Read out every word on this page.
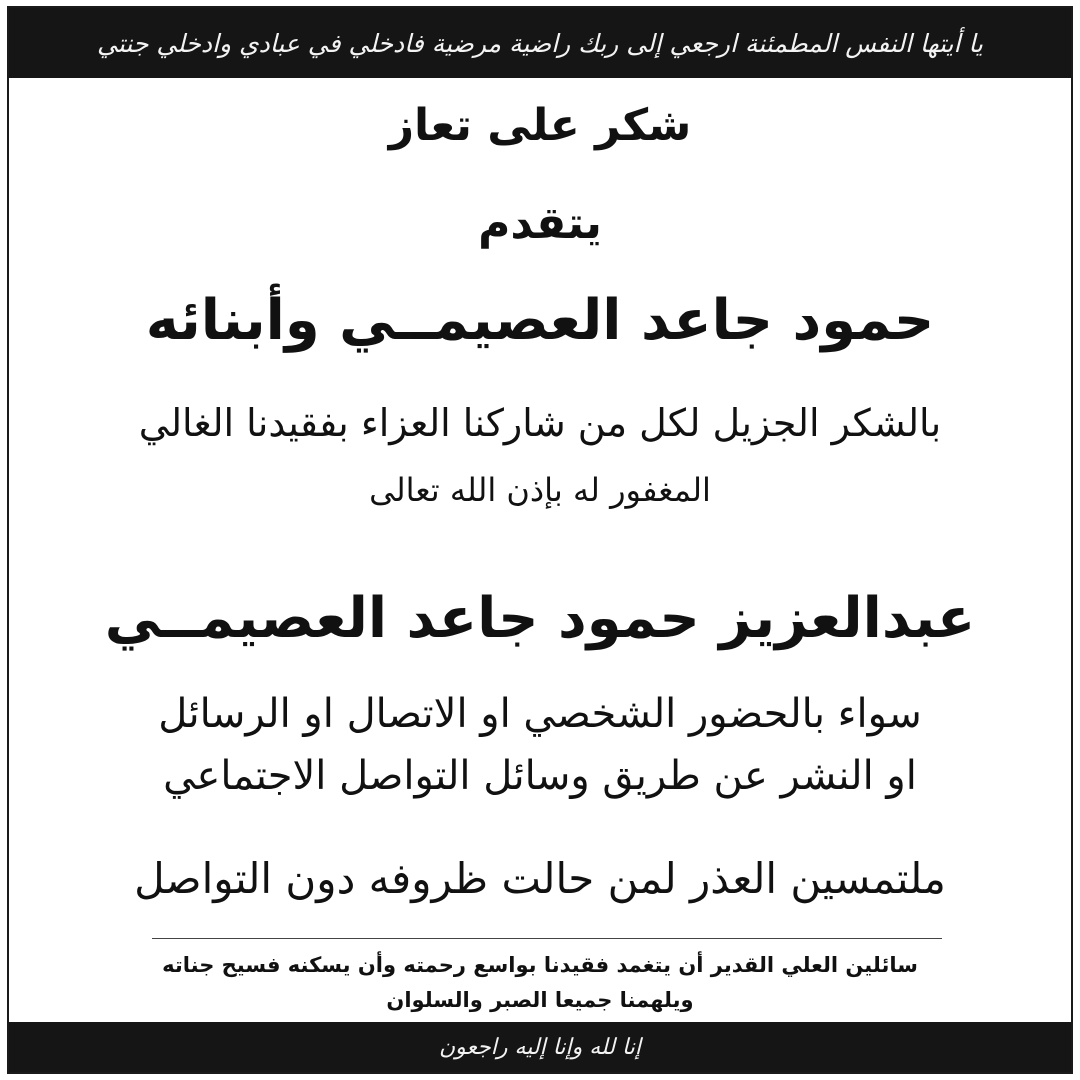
يا أيتها النفس المطمئنة ارجعي إلى ربك راضية مرضية فادخلي في عبادي وادخلي جنتي
شكر على تعاز
يتقدم
حمود جاعد العصيمــي وأبنائه
بالشكر الجزيل لكل من شاركنا العزاء بفقيدنا الغالي
المغفور له بإذن الله تعالى
عبدالعزيز حمود جاعد العصيمــي
سواء بالحضور الشخصي او الاتصال او الرسائل
او النشر عن طريق وسائل التواصل الاجتماعي
ملتمسين العذر لمن حالت ظروفه دون التواصل
سائلين العلي القدير أن يتغمد فقيدنا بواسع رحمته وأن يسكنه فسيح جناته
ويلهمنا جميعا الصبر والسلوان
إنا لله وإنا إليه راجعون
